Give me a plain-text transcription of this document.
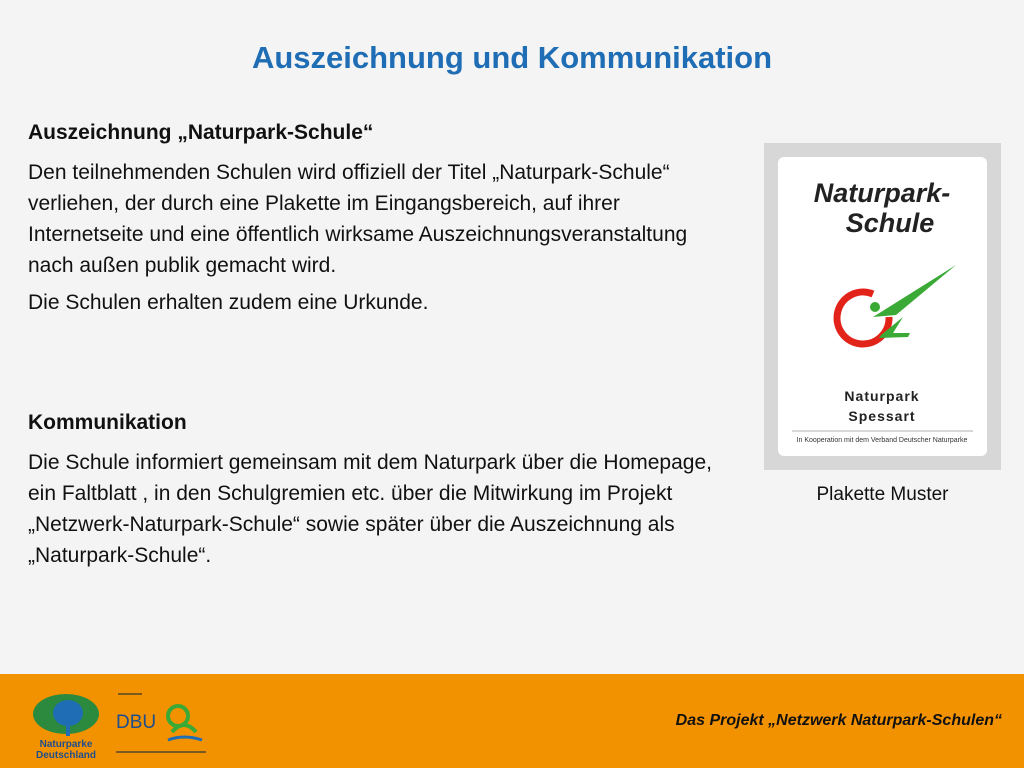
Auszeichnung und Kommunikation

Auszeichnung „Naturpark-Schule“

Den teilnehmenden Schulen wird offiziell der Titel „Naturpark-Schule“ verliehen, der durch eine Plakette im Eingangsbereich, auf ihrer Internetseite und eine öffentlich wirksame Auszeichnungsveranstaltung nach außen publik gemacht wird.

Die Schulen erhalten zudem eine Urkunde.

Kommunikation

Die Schule informiert gemeinsam mit dem Naturpark über die Homepage, ein Faltblatt , in den Schulgremien etc. über die Mitwirkung im Projekt „Netzwerk-Naturpark-Schule“ sowie später über die Auszeichnung als „Naturpark-Schule“.

Naturpark-
Schule
Naturpark
Spessart
In Kooperation mit dem Verband Deutscher Naturparke
Plakette Muster
Naturparke
Deutschland
DBU	Das Projekt „Netzwerk Naturpark-Schulen“
